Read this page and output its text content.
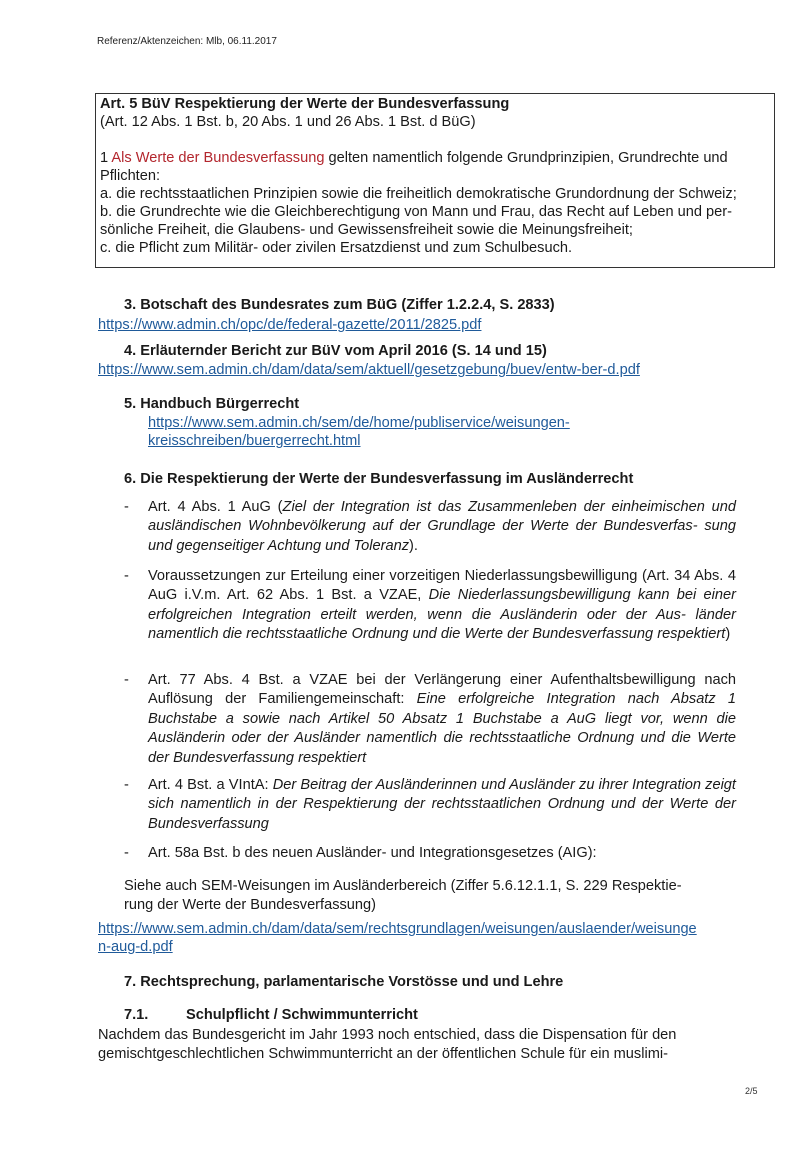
Referenz/Aktenzeichen: Mlb, 06.11.2017
Art. 5 BüV Respektierung der Werte der Bundesverfassung
(Art. 12 Abs. 1 Bst. b, 20 Abs. 1 und 26 Abs. 1 Bst. d BüG)
1 Als Werte der Bundesverfassung gelten namentlich folgende Grundprinzipien, Grundrechte und
Pflichten:
a. die rechtsstaatlichen Prinzipien sowie die freiheitlich demokratische Grundordnung der Schweiz;
b. die Grundrechte wie die Gleichberechtigung von Mann und Frau, das Recht auf Leben und per-
sönliche Freiheit, die Glaubens- und Gewissensfreiheit sowie die Meinungsfreiheit;
c. die Pflicht zum Militär- oder zivilen Ersatzdienst und zum Schulbesuch.
3. Botschaft des Bundesrates zum BüG (Ziffer 1.2.2.4, S. 2833)
https://www.admin.ch/opc/de/federal-gazette/2011/2825.pdf
4. Erläuternder Bericht zur BüV vom April 2016 (S. 14 und 15)
https://www.sem.admin.ch/dam/data/sem/aktuell/gesetzgebung/buev/entw-ber-d.pdf
5. Handbuch Bürgerrecht
https://www.sem.admin.ch/sem/de/home/publiservice/weisungen-
kreisschreiben/buergerrecht.html
6. Die Respektierung der Werte der Bundesverfassung im Ausländerrecht
- Art. 4 Abs. 1 AuG (Ziel der Integration ist das Zusammenleben der einheimischen und ausländischen Wohnbevölkerung auf der Grundlage der Werte der Bundesverfas- sung und gegenseitiger Achtung und Toleranz).
- Voraussetzungen zur Erteilung einer vorzeitigen Niederlassungsbewilligung (Art. 34 Abs. 4 AuG i.V.m. Art. 62 Abs. 1 Bst. a VZAE, Die Niederlassungsbewilligung kann bei einer erfolgreichen Integration erteilt werden, wenn die Ausländerin oder der Aus- länder namentlich die rechtsstaatliche Ordnung und die Werte der Bundesverfassung respektiert)
- Art. 77 Abs. 4 Bst. a VZAE bei der Verlängerung einer Aufenthaltsbewilligung nach Auflösung der Familiengemeinschaft: Eine erfolgreiche Integration nach Absatz 1 Buchstabe a sowie nach Artikel 50 Absatz 1 Buchstabe a AuG liegt vor, wenn die Ausländerin oder der Ausländer namentlich die rechtsstaatliche Ordnung und die Werte der Bundesverfassung respektiert
- Art. 4 Bst. a VIntA: Der Beitrag der Ausländerinnen und Ausländer zu ihrer Integration zeigt sich namentlich in der Respektierung der rechtsstaatlichen Ordnung und der Werte der Bundesverfassung
- Art. 58a Bst. b des neuen Ausländer- und Integrationsgesetzes (AIG):
Siehe auch SEM-Weisungen im Ausländerbereich (Ziffer 5.6.12.1.1, S. 229 Respektie-
rung der Werte der Bundesverfassung)
https://www.sem.admin.ch/dam/data/sem/rechtsgrundlagen/weisungen/auslaender/weisunge
n-aug-d.pdf
7. Rechtsprechung, parlamentarische Vorstösse und und Lehre
7.1.	Schulpflicht / Schwimmunterricht
Nachdem das Bundesgericht im Jahr 1993 noch entschied, dass die Dispensation für den
gemischtgeschlechtlichen Schwimmunterricht an der öffentlichen Schule für ein muslimi-
2/5
